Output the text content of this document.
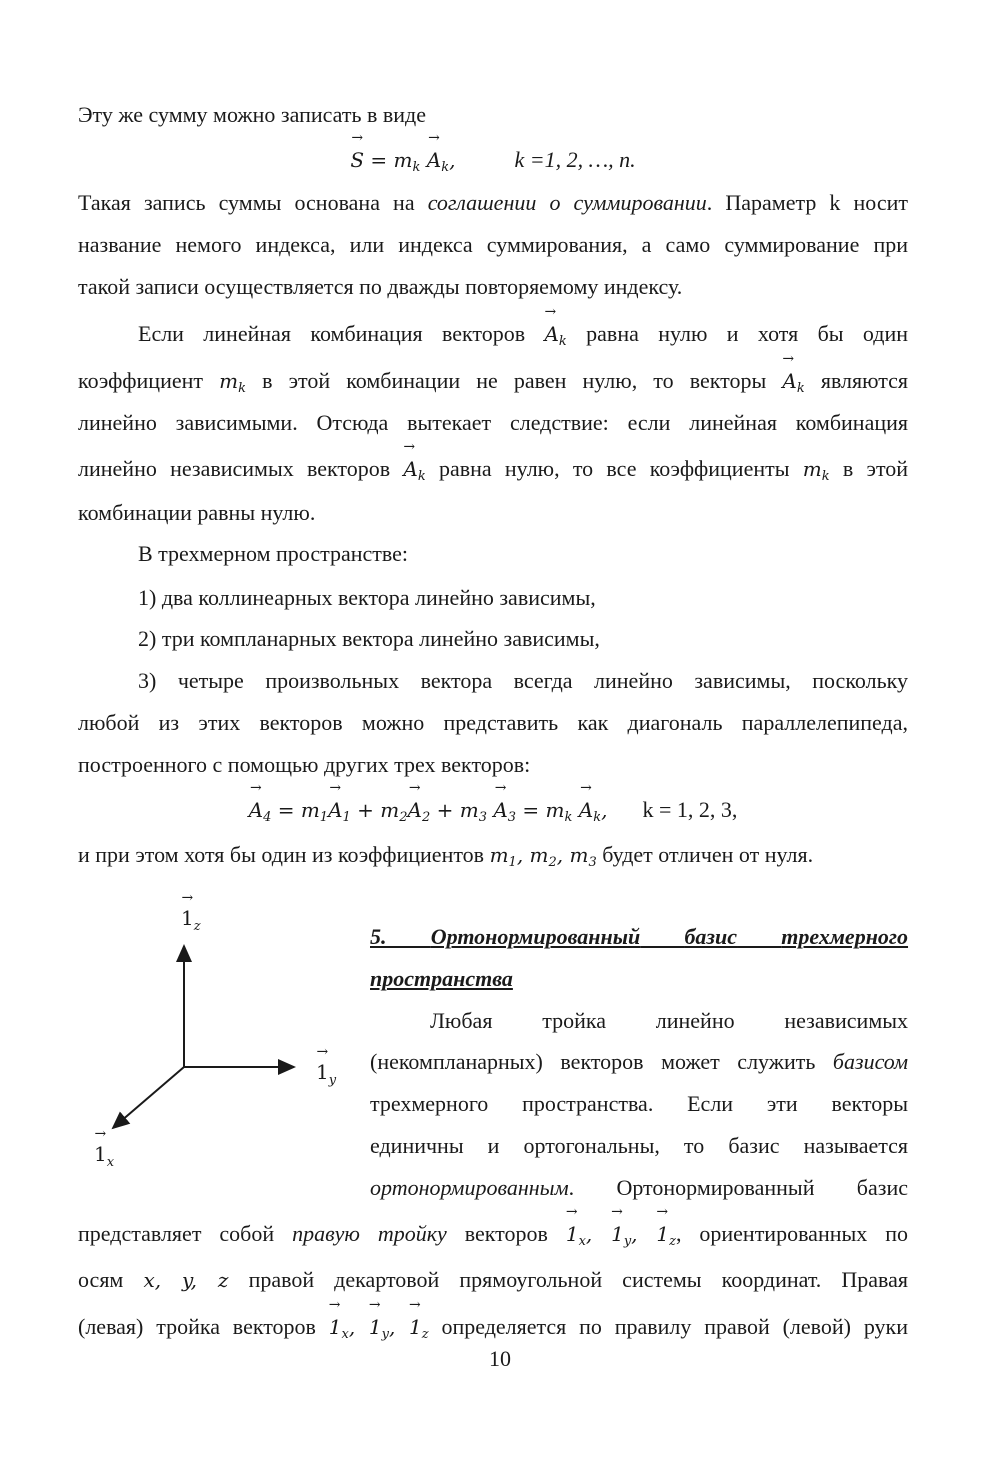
Эту же сумму можно записать в виде
→ $S = m_k \to A_k$,	k =1, 2, …, n.
Такая запись суммы основана на соглашении о суммировании. Параметр k носит
название немого индекса, или индекса суммирования, а само суммирование при
такой записи осуществляется по дважды повторяемому индексу.
Если линейная комбинация векторов → $A_k$ равна нулю и хотя бы один
коэффициент $m_k$ в этой комбинации не равен нулю, то векторы → $A_k$ являются
линейно зависимыми. Отсюда вытекает следствие: если линейная комбинация
линейно независимых векторов → $A_k$ равна нулю, то все коэффициенты $m_k$ в этой
комбинации равны нулю.
В трехмерном пространстве:
1) два коллинеарных вектора линейно зависимы,
2) три компланарных вектора линейно зависимы,
3) четыре произвольных вектора всегда линейно зависимы, поскольку
любой из этих векторов можно представить как диагональ параллелепипеда,
построенного с помощью других трех векторов:
→ $A_4 = m_1\to A_1 + m_2\to A_2 + m_3 \to A_3 = m_k \to A_k$, k = 1, 2, 3,
и при этом хотя бы один из коэффициентов $m_1$, $m_2$, $m_3$ будет отличен от нуля.
→ $1_z$
→ $1_y$
→ $1_x$
5. Ортонормированный базис трехмерного
пространства
Любая тройка линейно независимых
(некомпланарных) векторов может служить базисом
трехмерного пространства. Если эти векторы
единичны и ортогональны, то базис называется
ортонормированным. Ортонормированный базис
представляет собой правую тройку векторов → $1_x$, → $1_y$, → $1_z$, ориентированных по
осям x, y, z правой декартовой прямоугольной системы координат. Правая
(левая) тройка векторов → $1_x$, → $1_y$, → $1_z$ определяется по правилу правой (левой) руки
10
